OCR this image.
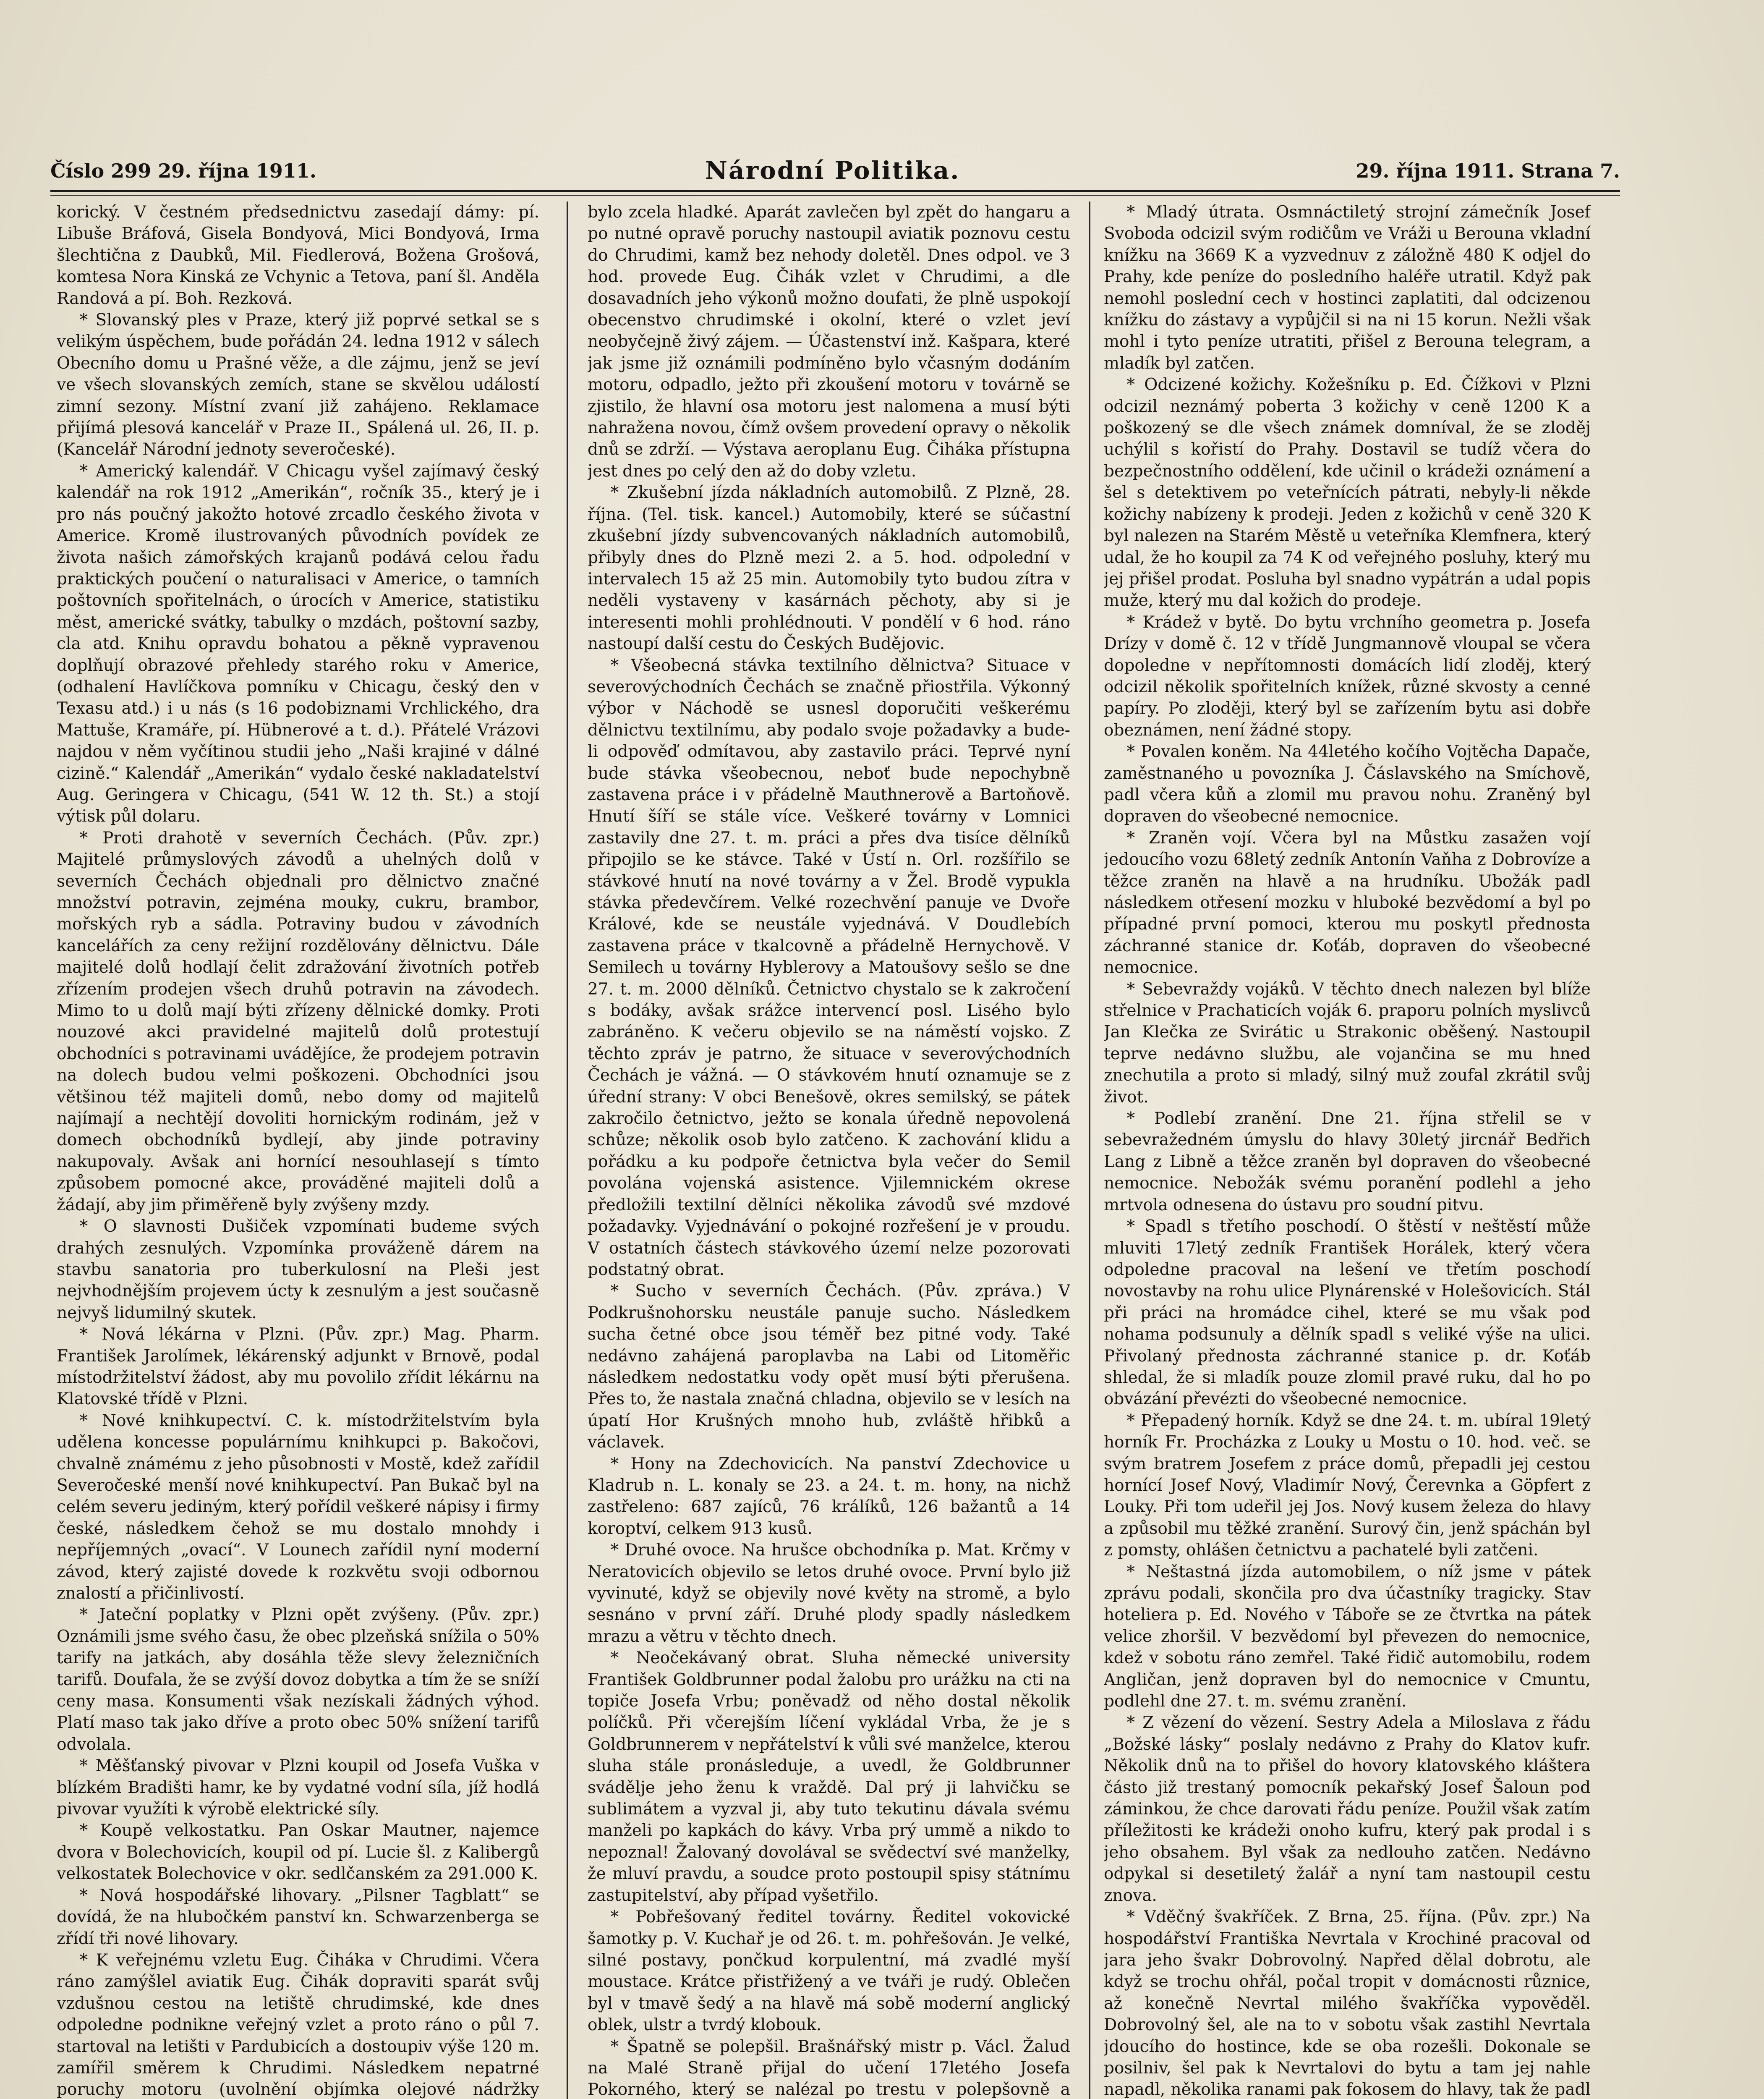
Číslo 299 29. října 1911.	Národní Politika.	29. října 1911. Strana 7.

korický. V čestném předsednictvu zasedají dámy: pí. Libuše Bráfová, Gisela Bondyová, Mici Bondyová, Irma šlechtična z Daubků, Mil. Fiedlerová, Božena Grošová, komtesa Nora Kinská ze Vchynic a Tetova, paní šl. Anděla Randová a pí. Boh. Rezková.

* Slovanský ples v Praze, který již poprvé setkal se s velikým úspěchem, bude pořádán 24. ledna 1912 v sálech Obecního domu u Prašné věže, a dle zájmu, jenž se jeví ve všech slovanských zemích, stane se skvělou událostí zimní sezony. Místní zvaní již zahájeno. Reklamace přijímá plesová kancelář v Praze II., Spálená ul. 26, II. p. (Kancelář Národní jednoty severočeské).

* Americký kalendář. V Chicagu vyšel zajímavý český kalendář na rok 1912 „Amerikán“, ročník 35., který je i pro nás poučný jakožto hotové zrcadlo českého života v Americe. Kromě ilustrovaných původních povídek ze života našich zámořských krajanů podává celou řadu praktických poučení o naturalisaci v Americe, o tamních poštovních spořitelnách, o úrocích v Americe, statistiku měst, americké svátky, tabulky o mzdách, poštovní sazby, cla atd. Knihu opravdu bohatou a pěkně vypravenou doplňují obrazové přehledy starého roku v Americe, (odhalení Havlíčkova pomníku v Chicagu, český den v Texasu atd.) i u nás (s 16 podobiznami Vrchlického, dra Mattuše, Kramáře, pí. Hübnerové a t. d.). Přátelé Vrázovi najdou v něm vyčítinou studii jeho „Naši krajiné v dálné cizině.“ Kalendář „Amerikán“ vydalo české nakladatelství Aug. Geringera v Chicagu, (541 W. 12 th. St.) a stojí výtisk půl dolaru.

* Proti drahotě v severních Čechách. (Pův. zpr.) Majitelé průmyslových závodů a uhelných dolů v severních Čechách objednali pro dělnictvo značné množství potravin, zejména mouky, cukru, brambor, mořských ryb a sádla. Potraviny budou v závodních kancelářích za ceny režijní rozdělovány dělnictvu. Dále majitelé dolů hodlají čelit zdražování životních potřeb zřízením prodejen všech druhů potravin na závodech. Mimo to u dolů mají býti zřízeny dělnické domky. Proti nouzové akci pravidelné majitelů dolů protestují obchodníci s potravinami uvádějíce, že prodejem potravin na dolech budou velmi poškozeni. Obchodníci jsou většinou též majiteli domů, nebo domy od majitelů najímají a nechtějí dovoliti hornickým rodinám, jež v domech obchodníků bydlejí, aby jinde potraviny nakupovaly. Avšak ani hornící nesouhlasejí s tímto způsobem pomocné akce, prováděné majiteli dolů a žádají, aby jim přiměřeně byly zvýšeny mzdy.

* O slavnosti Dušiček vzpomínati budeme svých drahých zesnulých. Vzpomínka prováženě dárem na stavbu sanatoria pro tuberkulosní na Pleši jest nejvhodnějším projevem úcty k zesnulým a jest současně nejvyš lidumilný skutek.

* Nová lékárna v Plzni. (Pův. zpr.) Mag. Pharm. František Jarolímek, lékárenský adjunkt v Brnově, podal místodržitelství žádost, aby mu povolilo zřídit lékárnu na Klatovské třídě v Plzni.

* Nové knihkupectví. C. k. místodržitelstvím byla udělena koncesse populárnímu knihkupci p. Bakočovi, chvalně známému z jeho působnosti v Mostě, kdež zařídil Severočeské menší nové knihkupectví. Pan Bukač byl na celém severu jediným, který pořídil veškeré nápisy i firmy české, následkem čehož se mu dostalo mnohdy i nepříjemných „ovací“. V Lounech zařídil nyní moderní závod, který zajisté dovede k rozkvětu svoji odbornou znalostí a přičinlivostí.

* Jateční poplatky v Plzni opět zvýšeny. (Pův. zpr.) Oznámili jsme svého času, že obec plzeňská snížila o 50% tarify na jatkách, aby dosáhla těže slevy železničních tarifů. Doufala, že se zvýší dovoz dobytka a tím že se sníží ceny masa. Konsumenti však nezískali žádných výhod. Platí maso tak jako dříve a proto obec 50% snížení tarifů odvolala.

* Měšťanský pivovar v Plzni koupil od Josefa Vuška v blízkém Bradišti hamr, ke by vydatné vodní síla, jíž hodlá pivovar využíti k výrobě elektrické síly.

* Koupě velkostatku. Pan Oskar Mautner, najemce dvora v Bolechovicích, koupil od pí. Lucie šl. z Kalibergů velkostatek Bolechovice v okr. sedlčanském za 291.000 K.

* Nová hospodářské lihovary. „Pilsner Tagblatt“ se dovídá, že na hlubočkém panství kn. Schwarzenberga se zřídí tři nové lihovary.

* K veřejnému vzletu Eug. Čiháka v Chrudimi. Včera ráno zamýšlel aviatik Eug. Čihák dopraviti sparát svůj vzdušnou cestou na letiště chrudimské, kde dnes odpoledne podnikne veřejný vzlet a proto ráno o půl 7. startoval na letišti v Pardubicích a dostoupiv výše 120 m. zamířil směrem k Chrudimi. Následkem nepatrné poruchy motoru (uvolnění objímka olejové nádržky

bylo zcela hladké. Aparát zavlečen byl zpět do hangaru a po nutné opravě poruchy nastoupil aviatik poznovu cestu do Chrudimi, kamž bez nehody doletěl. Dnes odpol. ve 3 hod. provede Eug. Čihák vzlet v Chrudimi, a dle dosavadních jeho výkonů možno doufati, že plně uspokojí obecenstvo chrudimské i okolní, které o vzlet jeví neobyčejně živý zájem. — Účastenství inž. Kašpara, které jak jsme již oznámili podmíněno bylo včasným dodáním motoru, odpadlo, ježto při zkoušení motoru v továrně se zjistilo, že hlavní osa motoru jest nalomena a musí býti nahražena novou, čímž ovšem provedení opravy o několik dnů se zdrží. — Výstava aeroplanu Eug. Čiháka přístupna jest dnes po celý den až do doby vzletu.

* Zkušební jízda nákladních automobilů. Z Plzně, 28. října. (Tel. tisk. kancel.) Automobily, které se súčastní zkušební jízdy subvencovaných nákladních automobilů, přibyly dnes do Plzně mezi 2. a 5. hod. odpolední v intervalech 15 až 25 min. Automobily tyto budou zítra v neděli vystaveny v kasárnách pěchoty, aby si je interesenti mohli prohlédnouti. V pondělí v 6 hod. ráno nastoupí další cestu do Českých Budějovic.

* Všeobecná stávka textilního dělnictva? Situace v severovýchodních Čechách se značně přiostřila. Výkonný výbor v Náchodě se usnesl doporučiti veškerému dělnictvu textilnímu, aby podalo svoje požadavky a bude-li odpověď odmítavou, aby zastavilo práci. Teprvé nyní bude stávka všeobecnou, neboť bude nepochybně zastavena práce i v přádelně Mauthnerově a Bartoňově. Hnutí šíří se stále více. Veškeré továrny v Lomnici zastavily dne 27. t. m. práci a přes dva tisíce dělníků připojilo se ke stávce. Také v Ústí n. Orl. rozšířilo se stávkové hnutí na nové továrny a v Žel. Brodě vypukla stávka předevčírem. Velké rozechvění panuje ve Dvoře Králové, kde se neustále vyjednává. V Doudlebích zastavena práce v tkalcovně a přádelně Hernychově. V Semilech u továrny Hyblerovy a Matoušovy sešlo se dne 27. t. m. 2000 dělníků. Četnictvo chystalo se k zakročení s bodáky, avšak srážce intervencí posl. Lisého bylo zabráněno. K večeru objevilo se na náměstí vojsko. Z těchto zpráv je patrno, že situace v severovýchodních Čechách je vážná. — O stávkovém hnutí oznamuje se z úřední strany: V obci Benešově, okres semilský, se pátek zakročilo četnictvo, ježto se konala úředně nepovolená schůze; několik osob bylo zatčeno. K zachování klidu a pořádku a ku podpoře četnictva byla večer do Semil povolána vojenská asistence. Vjilemnickém okrese předložili textilní dělníci několika závodů své mzdové požadavky. Vyjednávání o pokojné rozřešení je v proudu. V ostatních částech stávkového území nelze pozorovati podstatný obrat.

* Sucho v severních Čechách. (Pův. zpráva.) V Podkrušnohorsku neustále panuje sucho. Následkem sucha četné obce jsou téměř bez pitné vody. Také nedávno zahájená paroplavba na Labi od Litoměřic následkem nedostatku vody opět musí býti přerušena. Přes to, že nastala značná chladna, objevilo se v lesích na úpatí Hor Krušných mnoho hub, zvláště hřibků a václavek.

* Hony na Zdechovicích. Na panství Zdechovice u Kladrub n. L. konaly se 23. a 24. t. m. hony, na nichž zastřeleno: 687 zajíců, 76 králíků, 126 bažantů a 14 koroptví, celkem 913 kusů.

* Druhé ovoce. Na hrušce obchodníka p. Mat. Krčmy v Neratovicích objevilo se letos druhé ovoce. První bylo již vyvinuté, když se objevily nové květy na stromě, a bylo sesnáno v první září. Druhé plody spadly následkem mrazu a větru v těchto dnech.

* Neočekávaný obrat. Sluha německé university František Goldbrunner podal žalobu pro urážku na cti na topiče Josefa Vrbu; poněvadž od něho dostal několik políčků. Při včerejším líčení vykládal Vrba, že je s Goldbrunnerem v nepřátelství k vůli své manželce, kterou sluha stále pronásleduje, a uvedl, že Goldbrunner svádělje jeho ženu k vraždě. Dal prý ji lahvičku se sublimátem a vyzval ji, aby tuto tekutinu dávala svému manželi po kapkách do kávy. Vrba prý ummě a nikdo to nepoznal! Žalovaný dovolával se svědectví své manželky, že mluví pravdu, a soudce proto postoupil spisy státnímu zastupitelství, aby případ vyšetřilo.

* Pobřešovaný ředitel továrny. Ředitel vokovické šamotky p. V. Kuchař je od 26. t. m. pohřešován. Je velké, silné postavy, pončkud korpulentní, má zvadlé myší moustace. Krátce přistřižený a ve tváři je rudý. Oblečen byl v tmavě šedý a na hlavě má sobě moderní anglický oblek, ulstr a tvrdý klobouk.

* Špatně se polepšil. Brašnářský mistr p. Václ. Žalud na Malé Straně přijal do učení 17letého Josefa Pokorného, který se nalézal po trestu v polepšovně a

* Mladý útrata. Osmnáctiletý strojní zámečník Josef Svoboda odcizil svým rodičům ve Vráži u Berouna vkladní knížku na 3669 K a vyzvednuv z záložně 480 K odjel do Prahy, kde peníze do posledního haléře utratil. Když pak nemohl poslední cech v hostinci zaplatiti, dal odcizenou knížku do zástavy a vypůjčil si na ni 15 korun. Nežli však mohl i tyto peníze utratiti, přišel z Berouna telegram, a mladík byl zatčen.

* Odcizené kožichy. Kožešníku p. Ed. Čížkovi v Plzni odcizil neznámý pobertа 3 kožichy v ceně 1200 K a poškozený se dle všech známek domníval, že se zloděj uchýlil s kořistí do Prahy. Dostavil se tudíž včera do bezpečnostního oddělení, kde učinil o krádeži oznámení a šel s detektivem po veteřnících pátrati, nebyly-li někde kožichy nabízeny k prodeji. Jeden z kožichů v ceně 320 K byl nalezen na Starém Městě u veteřníka Klemfnera, který udal, že ho koupil za 74 K od veřejného posluhy, který mu jej přišel prodat. Posluha byl snadno vypátrán a udal popis muže, který mu dal kožich do prodeje.

* Krádež v bytě. Do bytu vrchního geometra p. Josefa Drízy v domě č. 12 v třídě Jungmannově vloupal se včera dopoledne v nepřítomnosti domácích lidí zloděj, který odcizil několik spořitelních knížek, různé skvosty a cenné papíry. Po zloději, který byl se zařízením bytu asi dobře obeznámen, není žádné stopy.

* Povalen koněm. Na 44letého kočího Vojtěcha Dapače, zaměstnaného u povozníka J. Čáslavského na Smíchově, padl včera kůň a zlomil mu pravou nohu. Zraněný byl dopraven do všeobecné nemocnice.

* Zraněn vojí. Včera byl na Můstku zasažen vojí jedoucího vozu 68letý zedník Antonín Vaňha z Dobrovíze a těžce zraněn na hlavě a na hrudníku. Ubožák padl následkem otřesení mozku v hluboké bezvědomí a byl po případné první pomoci, kterou mu poskytl přednosta záchranné stanice dr. Koťáb, dopraven do všeobecné nemocnice.

* Sebevraždy vojáků. V těchto dnech nalezen byl blíže střelnice v Prachaticích voják 6. praporu polních myslivců Jan Klečka ze Svirátic u Strakonic oběšený. Nastoupil teprve nedávno službu, ale vojančina se mu hned znechutila a proto si mladý, silný muž zoufal zkrátil svůj život.

* Podlebí zranění. Dne 21. října střelil se v sebevražedném úmyslu do hlavy 30letý jircnář Bedřich Lang z Libně a těžce zraněn byl dopraven do všeobecné nemocnice. Nebožák svému poranění podlehl a jeho mrtvola odnesena do ústavu pro soudní pitvu.

* Spadl s třetího poschodí. O štěstí v neštěstí může mluviti 17letý zedník František Horálek, který včera odpoledne pracoval na lešení ve třetím poschodí novostavby na rohu ulice Plynárenské v Holešovicích. Stál při práci na hromádce cihel, které se mu však pod nohama podsunuly a dělník spadl s veliké výše na ulici. Přivolaný přednosta záchranné stanice p. dr. Koťáb shledal, že si mladík pouze zlomil pravé ruku, dal ho po obvázání převézti do všeobecné nemocnice.

* Přepadený horník. Když se dne 24. t. m. ubíral 19letý horník Fr. Procházka z Louky u Mostu o 10. hod. več. se svým bratrem Josefem z práce domů, přepadli jej cestou hornící Josef Nový, Vladimír Nový, Čerevnka a Göpfert z Louky. Při tom udeřil jej Jos. Nový kusem železa do hlavy a způsobil mu těžké zranění. Surový čin, jenž spáchán byl z pomsty, ohlášen četnictvu a pachatelé byli zatčeni.

* Neštastná jízda automobilem, o níž jsme v pátek zprávu podali, skončila pro dva účastníky tragicky. Stav hoteliera p. Ed. Nového v Táboře se ze čtvrtka na pátek velice zhoršil. V bezvědomí byl převezen do nemocnice, kdež v sobotu ráno zemřel. Také řidič automobilu, rodem Angličan, jenž dopraven byl do nemocnice v Cmuntu, podlehl dne 27. t. m. svému zranění.

* Z vězení do vězení. Sestry Adela a Miloslava z řádu „Božské lásky“ poslaly nedávno z Prahy do Klatov kufr. Několik dnů na to přišel do hovory klatovského kláštera částo již trestaný pomocník pekařský Josef Šaloun pod záminkou, že chce darovati řádu peníze. Použil však zatím příležitosti ke krádeži onoho kufru, který pak prodal i s jeho obsahem. Byl však za nedlouho zatčen. Nedávno odpykal si desetiletý žalář a nyní tam nastoupil cestu znova.

* Vděčný švakříček. Z Brna, 25. října. (Pův. zpr.) Na hospodářství Františka Nevrtala v Krochiné pracoval od jara jeho švakr Dobrovolný. Napřed dělal dobrotu, ale když se trochu ohřál, počal tropit v domácnosti různice, až konečně Nevrtal milého švakříčka vypověděl. Dobrovolný šel, ale na to v sobotu však zastihl Nevrtala jdoucího do hostince, kde se oba rozešli. Dokonale se posilniv, šel pak k Nevrtalovi do bytu a tam jej nahle napadl, několika ranami pak fokosem do hlavy, tak že padl
